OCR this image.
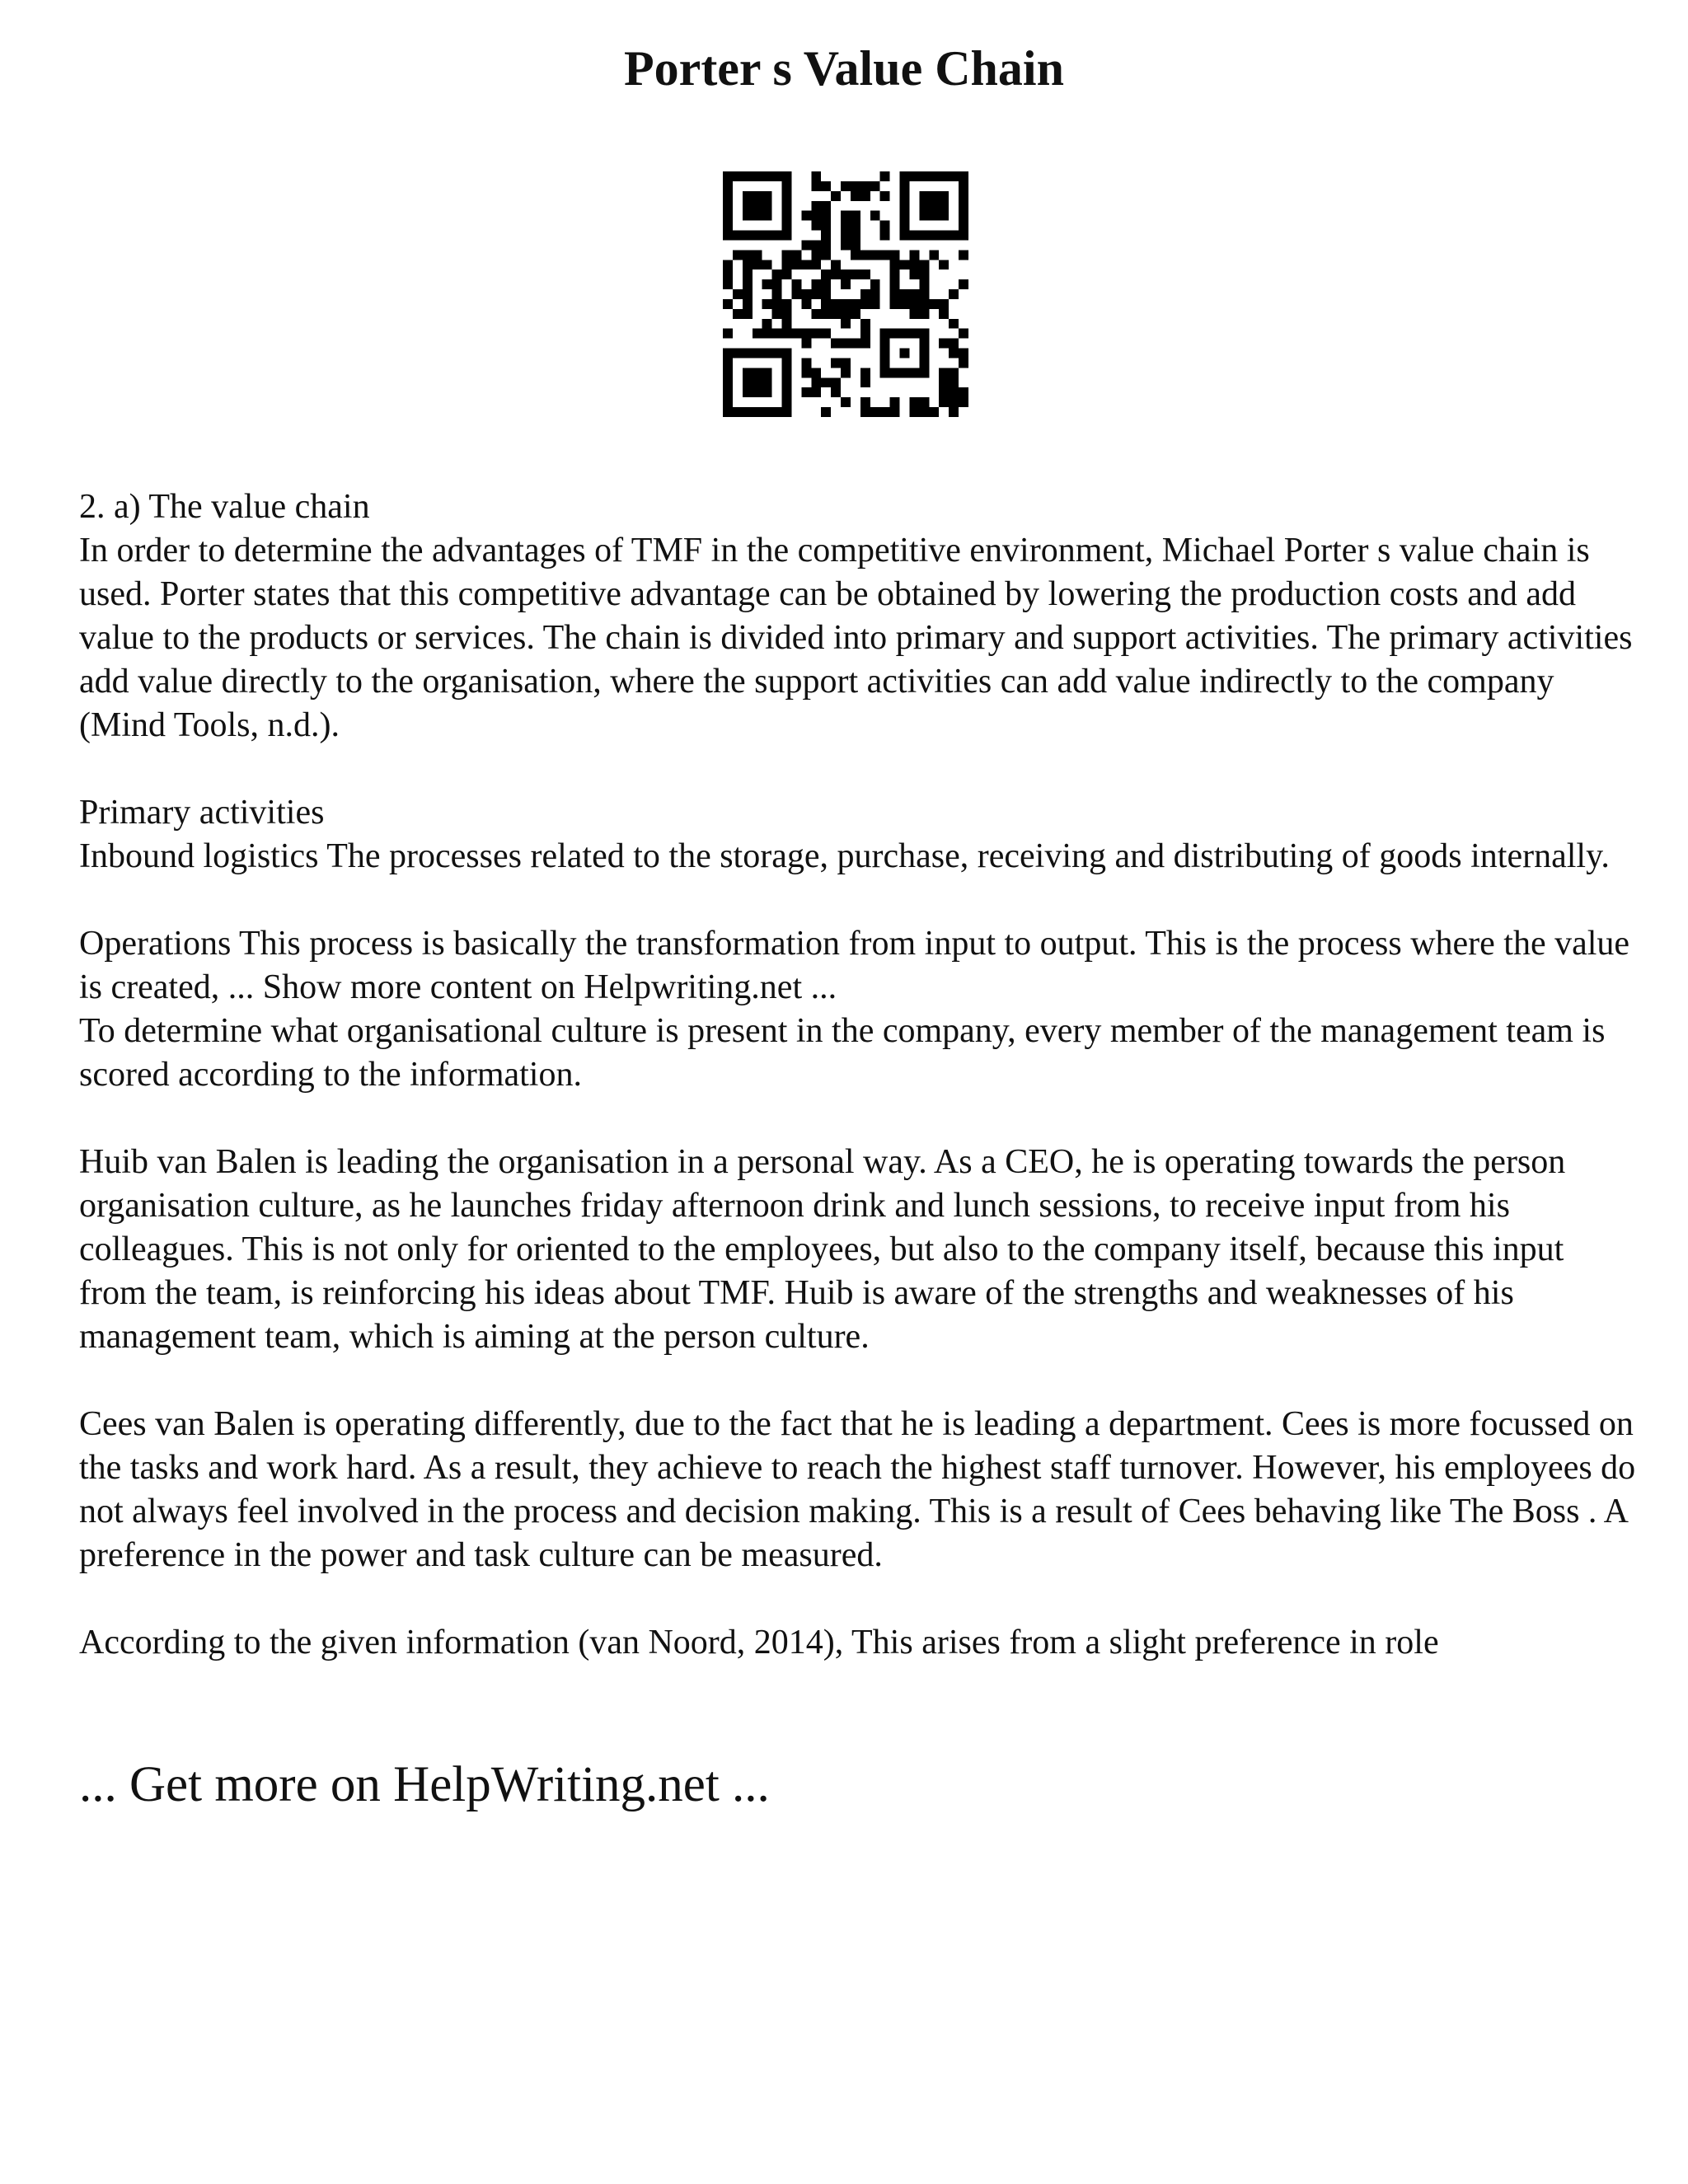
Porter s Value Chain

2. a) The value chain

In order to determine the advantages of TMF in the competitive environment, Michael Porter s value chain is used. Porter states that this competitive advantage can be obtained by lowering the production costs and add value to the products or services. The chain is divided into primary and support activities. The primary activities add value directly to the organisation, where the support activities can add value indirectly to the company (Mind Tools, n.d.).

Primary activities

Inbound logistics The processes related to the storage, purchase, receiving and distributing of goods internally.

Operations This process is basically the transformation from input to output. This is the process where the value is created, ... Show more content on Helpwriting.net ...

To determine what organisational culture is present in the company, every member of the management team is scored according to the information.

Huib van Balen is leading the organisation in a personal way. As a CEO, he is operating towards the person organisation culture, as he launches friday afternoon drink and lunch sessions, to receive input from his colleagues. This is not only for oriented to the employees, but also to the company itself, because this input from the team, is reinforcing his ideas about TMF. Huib is aware of the strengths and weaknesses of his management team, which is aiming at the person culture.

Cees van Balen is operating differently, due to the fact that he is leading a department. Cees is more focussed on the tasks and work hard. As a result, they achieve to reach the highest staff turnover. However, his employees do not always feel involved in the process and decision making. This is a result of Cees behaving like The Boss . A preference in the power and task culture can be measured.

According to the given information (van Noord, 2014), This arises from a slight preference in role

... Get more on HelpWriting.net ...
